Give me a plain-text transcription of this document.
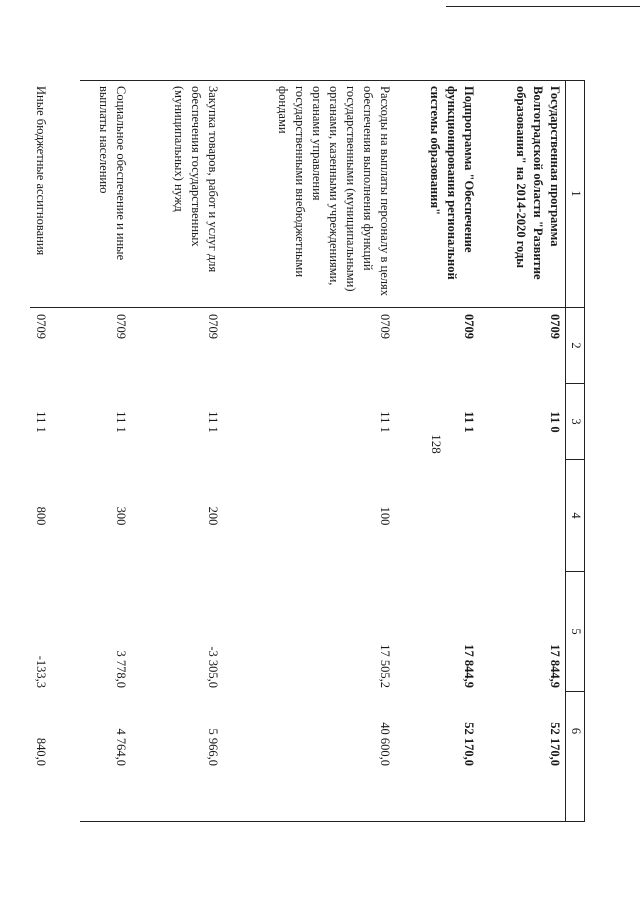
128
1
2
3
4
5
6
Государственная программа Волгоградской области "Развитие образования" на 2014-2020 годы
0709
11 0
17 844,9
52 170,0
Подпрограмма "Обеспечение функционирования региональной системы образования"
0709
11 1
17 844,9
52 170,0
Расходы на выплаты персоналу в целях обеспечения выполнения функций государственными (муниципальными) органами, казенными учреждениями, органами управления государственными внебюджетными фондами
0709
11 1
100
17 505,2
40 600,0
Закупка товаров, работ и услуг для обеспечения государственных (муниципальных) нужд
0709
11 1
200
-3 305,0
5 966,0
Социальное обеспечение и иные выплаты населению
0709
11 1
300
3 778,0
4 764,0
Иные бюджетные ассигнования
0709
11 1
800
-133,3
840,0
